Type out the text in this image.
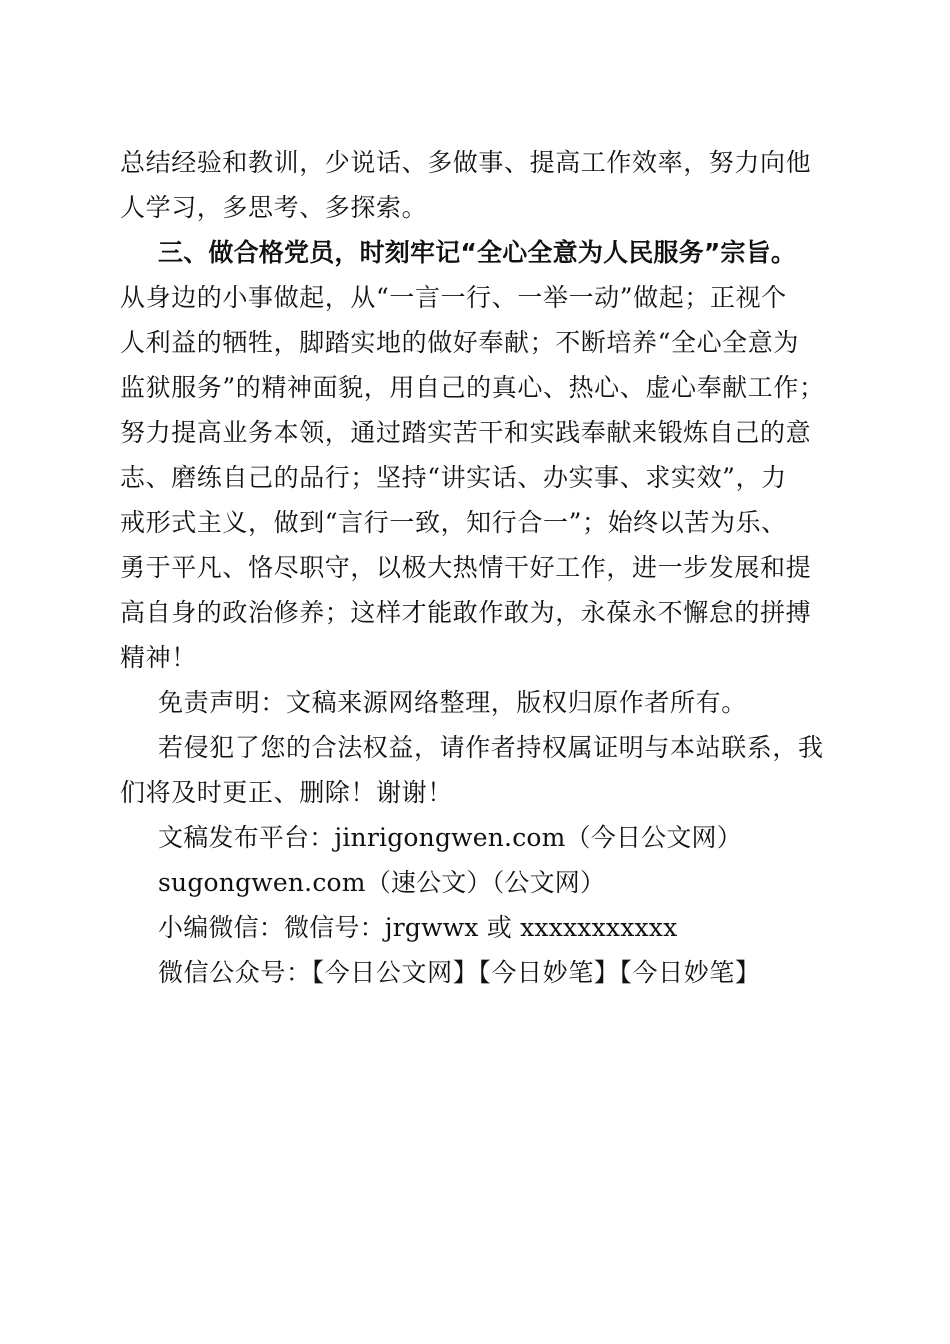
总结经验和教训，少说话、多做事、提高工作效率，努力向他
人学习，多思考、多探索。
三、做合格党员，时刻牢记“全心全意为人民服务”宗旨。
从身边的小事做起，从“一言一行、一举一动”做起；正视个
人利益的牺牲，脚踏实地的做好奉献；不断培养“全心全意为
监狱服务”的精神面貌，用自己的真心、热心、虚心奉献工作；
努力提高业务本领，通过踏实苦干和实践奉献来锻炼自己的意
志、磨练自己的品行；坚持“讲实话、办实事、求实效”，力
戒形式主义，做到“言行一致，知行合一”；始终以苦为乐、
勇于平凡、恪尽职守，以极大热情干好工作，进一步发展和提
高自身的政治修养；这样才能敢作敢为，永葆永不懈怠的拼搏
精神！
免责声明：文稿来源网络整理，版权归原作者所有。
若侵犯了您的合法权益，请作者持权属证明与本站联系，我
们将及时更正、删除！谢谢！
文稿发布平台：jinrigongwen.com（今日公文网）
sugongwen.com（速公文）（公文网）
小编微信：微信号：jrgwwx 或 xxxxxxxxxxx
微信公众号：【今日公文网】【今日妙笔】【今日妙笔】
